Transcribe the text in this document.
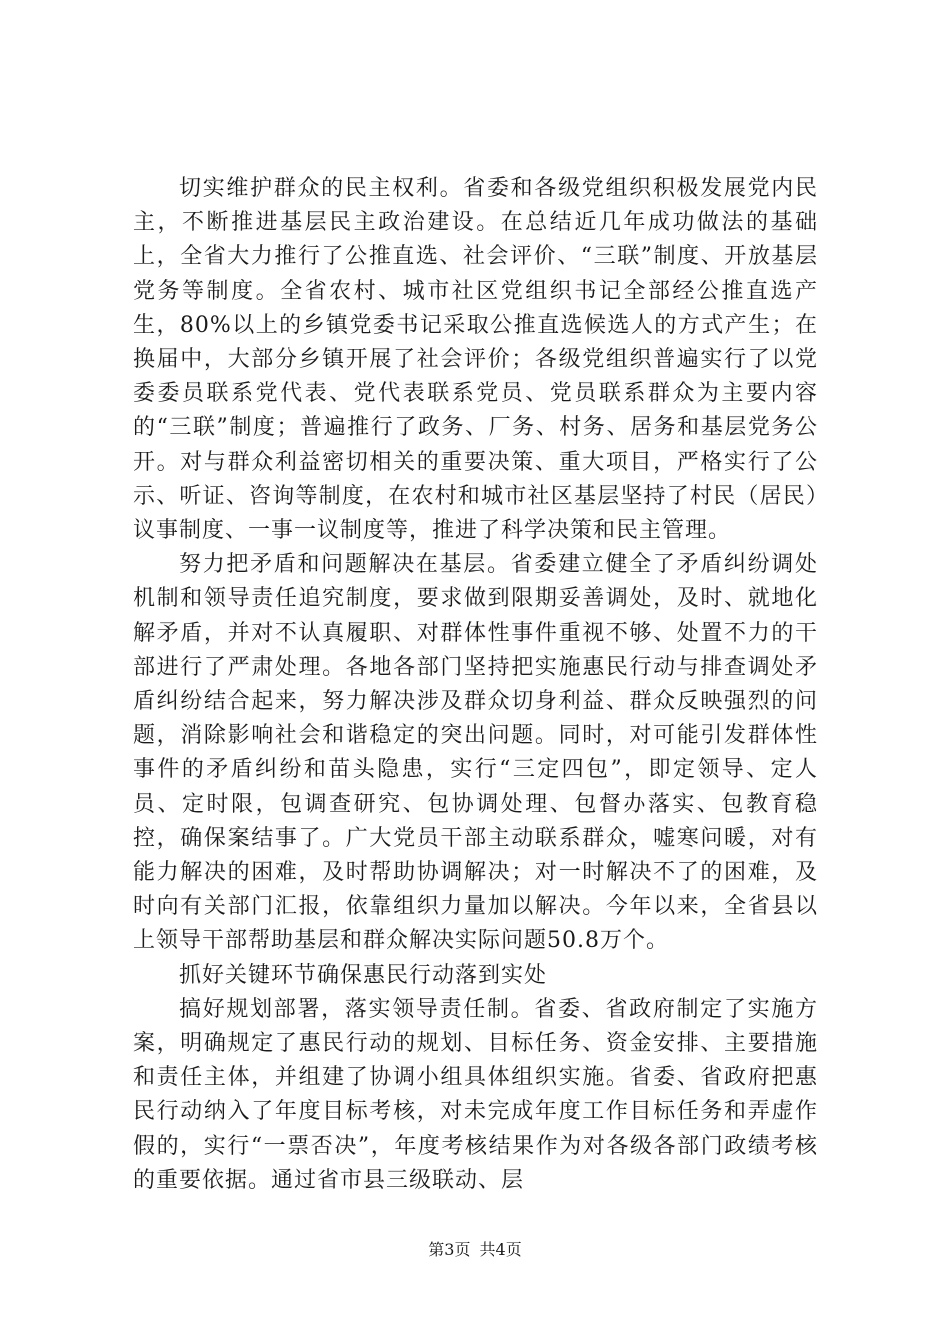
切实维护群众的民主权利。省委和各级党组织积极发展党内民主，不断推进基层民主政治建设。在总结近几年成功做法的基础上，全省大力推行了公推直选、社会评价、“三联”制度、开放基层党务等制度。全省农村、城市社区党组织书记全部经公推直选产生，80%以上的乡镇党委书记采取公推直选候选人的方式产生；在换届中，大部分乡镇开展了社会评价；各级党组织普遍实行了以党委委员联系党代表、党代表联系党员、党员联系群众为主要内容的“三联”制度；普遍推行了政务、厂务、村务、居务和基层党务公开。对与群众利益密切相关的重要决策、重大项目，严格实行了公示、听证、咨询等制度，在农村和城市社区基层坚持了村民（居民）议事制度、一事一议制度等，推进了科学决策和民主管理。

努力把矛盾和问题解决在基层。省委建立健全了矛盾纠纷调处机制和领导责任追究制度，要求做到限期妥善调处，及时、就地化解矛盾，并对不认真履职、对群体性事件重视不够、处置不力的干部进行了严肃处理。各地各部门坚持把实施惠民行动与排查调处矛盾纠纷结合起来，努力解决涉及群众切身利益、群众反映强烈的问题，消除影响社会和谐稳定的突出问题。同时，对可能引发群体性事件的矛盾纠纷和苗头隐患，实行“三定四包”，即定领导、定人员、定时限，包调查研究、包协调处理、包督办落实、包教育稳控，确保案结事了。广大党员干部主动联系群众，嘘寒问暖，对有能力解决的困难，及时帮助协调解决；对一时解决不了的困难，及时向有关部门汇报，依靠组织力量加以解决。今年以来，全省县以上领导干部帮助基层和群众解决实际问题50.8万个。

抓好关键环节确保惠民行动落到实处

搞好规划部署，落实领导责任制。省委、省政府制定了实施方案，明确规定了惠民行动的规划、目标任务、资金安排、主要措施和责任主体，并组建了协调小组具体组织实施。省委、省政府把惠民行动纳入了年度目标考核，对未完成年度工作目标任务和弄虚作假的，实行“一票否决”，年度考核结果作为对各级各部门政绩考核的重要依据。通过省市县三级联动、层

第3页 共4页
